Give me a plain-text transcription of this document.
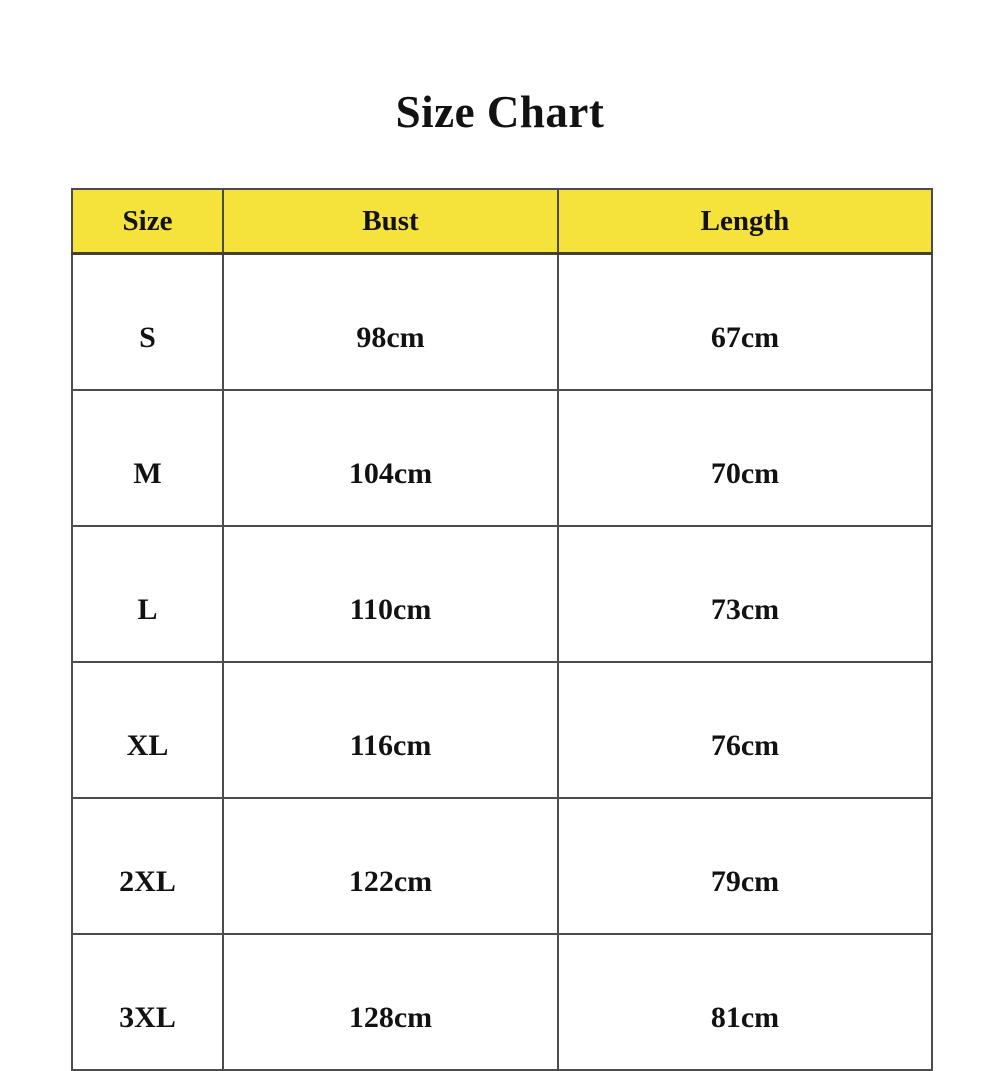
Size Chart
Size	Bust	Length
S	98cm	67cm
M	104cm	70cm
L	110cm	73cm
XL	116cm	76cm
2XL	122cm	79cm
3XL	128cm	81cm
